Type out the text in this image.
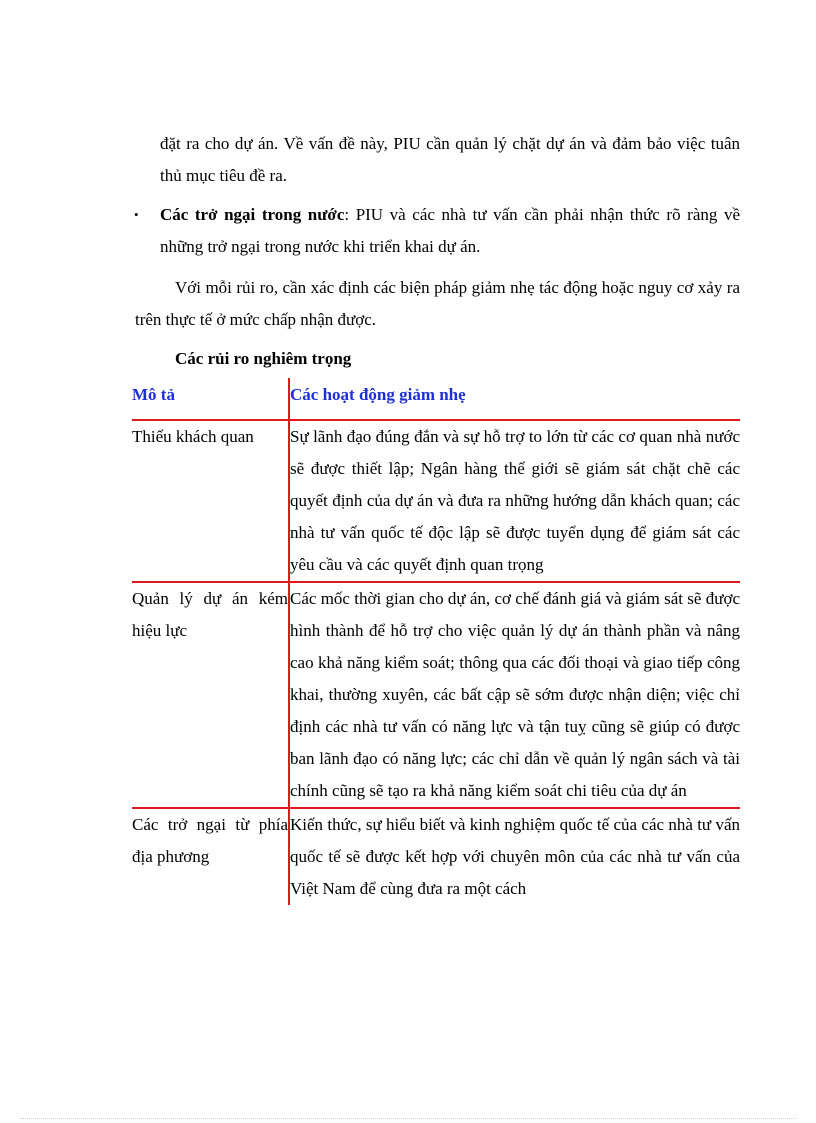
đặt ra cho dự án. Về vấn đề này, PIU cần quản lý chặt dự án và đảm bảo việc tuân thủ mục tiêu đề ra.

• Các trở ngại trong nước: PIU và các nhà tư vấn cần phải nhận thức rõ ràng về những trở ngại trong nước khi triển khai dự án.

Với mỗi rủi ro, cần xác định các biện pháp giảm nhẹ tác động hoặc nguy cơ xảy ra trên thực tế ở mức chấp nhận được.

Các rủi ro nghiêm trọng
Mô tả	Các hoạt động giảm nhẹ
Thiếu khách quan	Sự lãnh đạo đúng đắn và sự hỗ trợ to lớn từ các cơ quan nhà nước sẽ được thiết lập; Ngân hàng thế giới sẽ giám sát chặt chẽ các quyết định của dự án và đưa ra những hướng dẫn khách quan; các nhà tư vấn quốc tế độc lập sẽ được tuyển dụng để giám sát các yêu cầu và các quyết định quan trọng
Quản lý dự án kém hiệu lực	Các mốc thời gian cho dự án, cơ chế đánh giá và giám sát sẽ được hình thành để hỗ trợ cho việc quản lý dự án thành phần và nâng cao khả năng kiểm soát; thông qua các đối thoại và giao tiếp công khai, thường xuyên, các bất cập sẽ sớm được nhận diện; việc chỉ định các nhà tư vấn có năng lực và tận tuỵ cũng sẽ giúp có được ban lãnh đạo có năng lực; các chỉ dẫn về quản lý ngân sách và tài chính cũng sẽ tạo ra khả năng kiểm soát chi tiêu của dự án
Các trở ngại từ phía địa phương	Kiến thức, sự hiểu biết và kinh nghiệm quốc tế của các nhà tư vấn quốc tế sẽ được kết hợp với chuyên môn của các nhà tư vấn của Việt Nam để cùng đưa ra một cách
